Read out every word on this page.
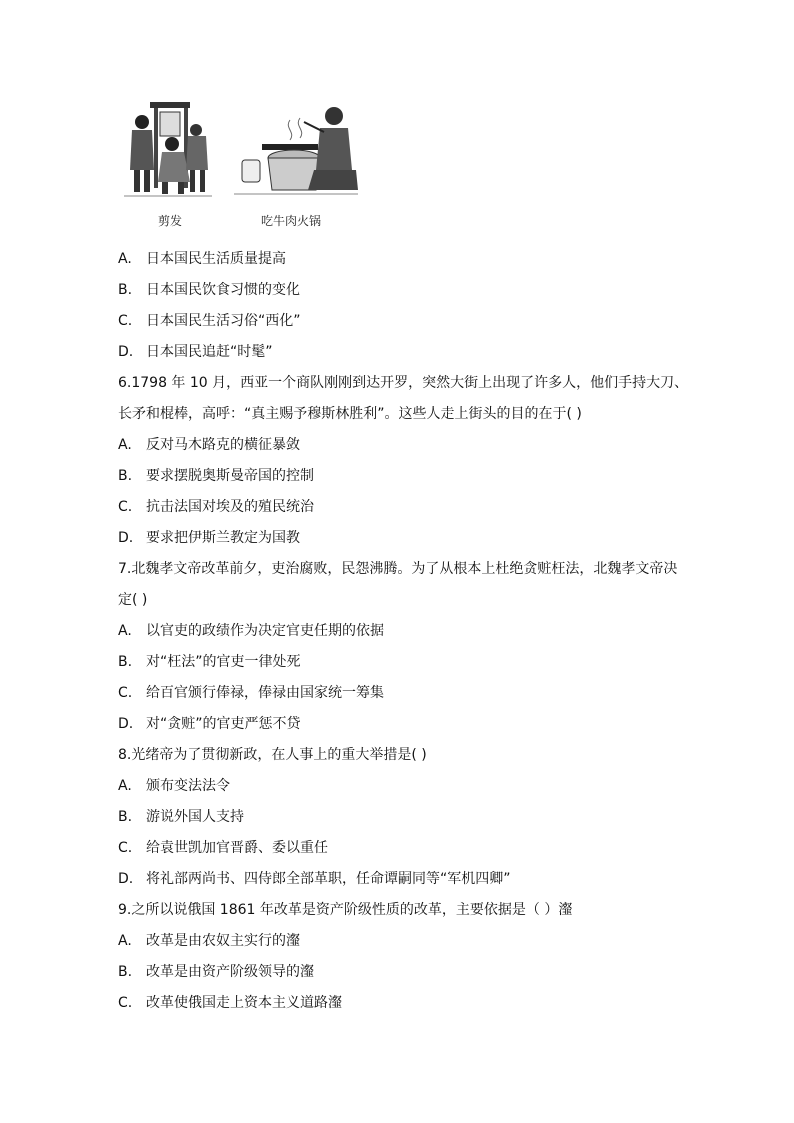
剪发	吃牛肉火锅
A. 日本国民生活质量提高
B. 日本国民饮食习惯的变化
C. 日本国民生活习俗“西化”
D. 日本国民追赶“时髦”
6.1798 年 10 月，西亚一个商队刚刚到达开罗，突然大街上出现了许多人，他们手持大刀、
长矛和棍棒，高呼：“真主赐予穆斯林胜利”。这些人走上街头的目的在于( )
A. 反对马木路克的横征暴敛
B. 要求摆脱奥斯曼帝国的控制
C. 抗击法国对埃及的殖民统治
D. 要求把伊斯兰教定为国教
7.北魏孝文帝改革前夕，吏治腐败，民怨沸腾。为了从根本上杜绝贪赃枉法，北魏孝文帝决
定( )
A. 以官吏的政绩作为决定官吏任期的依据
B. 对“枉法”的官吏一律处死
C. 给百官颁行俸禄，俸禄由国家统一筹集
D. 对“贪赃”的官吏严惩不贷
8.光绪帝为了贯彻新政，在人事上的重大举措是( )
A. 颁布变法法令
B. 游说外国人支持
C. 给袁世凯加官晋爵、委以重任
D. 将礼部两尚书、四侍郎全部革职，任命谭嗣同等“军机四卿”
9.之所以说俄国 1861 年改革是资产阶级性质的改革，主要依据是（ ）瀣
A. 改革是由农奴主实行的瀣
B. 改革是由资产阶级领导的瀣
C. 改革使俄国走上资本主义道路瀣
